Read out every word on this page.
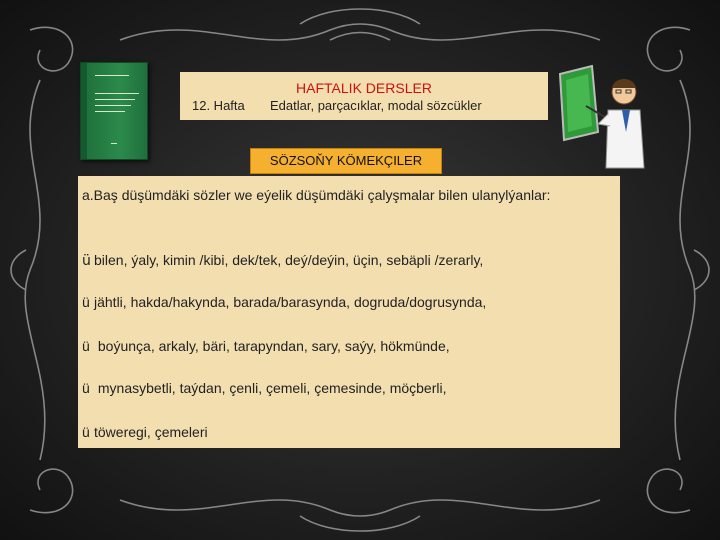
HAFTALIK DERSLER
12. Hafta Edatlar, parçacıklar, modal sözcükler
SÖZSOŇY KÖMEKÇILER
a.Baş düşümdäki sözler we eýelik düşümdäki çalyşmalar bilen ulanylýanlar:
ü bilen, ýaly, kimin /kibi, dek/tek, deý/deýin, üçin, sebäpli /zerarly,
ü jähtli, hakda/hakynda, barada/barasynda, dogruda/dogrusynda,
ü boýunça, arkaly, bäri, tarapyndan, sary, saýy, hökmünde,
ü mynasybetli, taýdan, çenli, çemeli, çemesinde, möçberli,
ü töweregi, çemeleri
